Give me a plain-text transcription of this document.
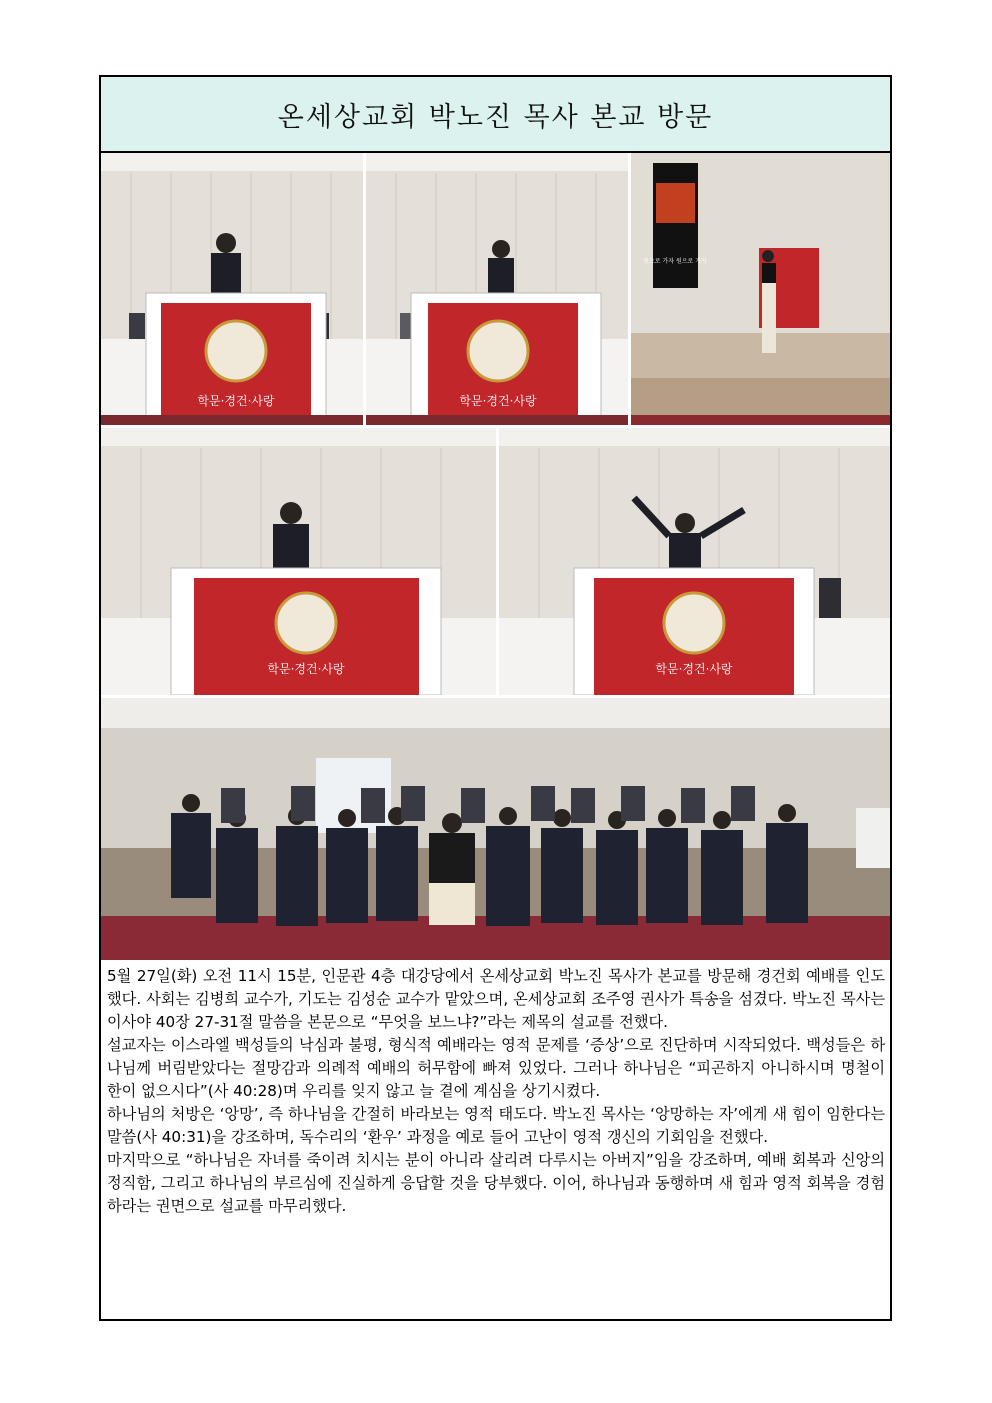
온세상교회 박노진 목사 본교 방문
학문·경건·사랑	학문·경건·사랑
원으로 가자 원으로 가자
학문·경건·사랑	학문·경건·사랑

5월 27일(화) 오전 11시 15분, 인문관 4층 대강당에서 온세상교회 박노진 목사가 본교를 방문해 경건회 예배를 인도했다. 사회는 김병희 교수가, 기도는 김성순 교수가 맡았으며, 온세상교회 조주영 권사가 특송을 섬겼다. 박노진 목사는 이사야 40장 27-31절 말씀을 본문으로 “무엇을 보느냐?”라는 제목의 설교를 전했다.

설교자는 이스라엘 백성들의 낙심과 불평, 형식적 예배라는 영적 문제를 ‘증상’으로 진단하며 시작되었다. 백성들은 하나님께 버림받았다는 절망감과 의례적 예배의 허무함에 빠져 있었다. 그러나 하나님은 “피곤하지 아니하시며 명철이 한이 없으시다”(사 40:28)며 우리를 잊지 않고 늘 곁에 계심을 상기시켰다.

하나님의 처방은 ‘앙망’, 즉 하나님을 간절히 바라보는 영적 태도다. 박노진 목사는 ‘앙망하는 자’에게 새 힘이 임한다는 말씀(사 40:31)을 강조하며, 독수리의 ‘환우’ 과정을 예로 들어 고난이 영적 갱신의 기회임을 전했다.

마지막으로 “하나님은 자녀를 죽이려 치시는 분이 아니라 살리려 다루시는 아버지”임을 강조하며, 예배 회복과 신앙의 정직함, 그리고 하나님의 부르심에 진실하게 응답할 것을 당부했다. 이어, 하나님과 동행하며 새 힘과 영적 회복을 경험하라는 권면으로 설교를 마무리했다.
